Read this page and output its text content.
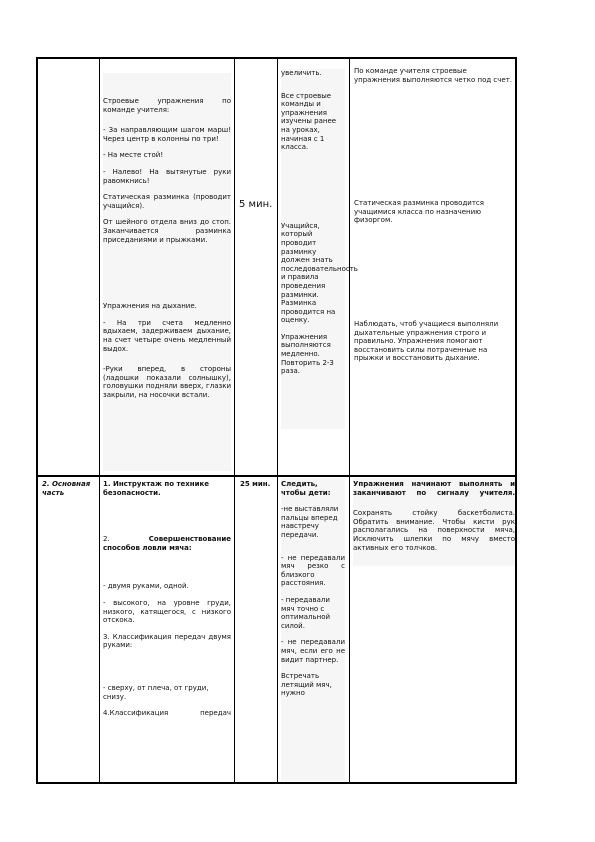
Строевые упражнения по команде учителя:

- За направляющим шагом марш! Через центр в колонны по три!

- На месте стой!

- Налево! На вытянутые руки равомкнись!

Статическая разминка (проводит учащийся).

От шейного отдела вниз до стоп. Заканчивается разминка приседаниями и прыжками.

Упражнения на дыхание.

- На три счета медленно вдыхаем, задерживаем дыхание, на счет четыре очень медленный выдох.

-Руки вперед, в стороны (ладошки показали солнышку), головушки подняли вверх, глазки закрыли, на носочки встали.

5 мин.

увеличить.

Все строевые команды и упражнения изучены ранее на уроках, начиная с 1 класса.

Учащийся, который проводит разминку должен знать последовательность и правила проведения разминки. Разминка проводится на оценку.

Упражнения выполняются медленно. Повторить 2-3 раза.

По команде учителя строевые упражнения выполняются четко под счет.

Статическая разминка проводится учащимися класса по назначению физоргом.

Наблюдать, чтоб учащиеся выполняли дыхательные упражнения строго и правильно. Упражнения помогают восстановить силы потраченные на прыжки и восстановить дыхание.

2. Основная часть

1. Инструктаж по технике безопасности.

2. Совершенствование способов ловли мяча:

- двумя руками, одной.

- высокого, на уровне груди, низкого, катящегося, с низкого отскока.

3. Классификация передач двумя руками:

- сверху, от плеча, от груди, снизу.

4.Классификация передач

25 мин.	Следить, чтобы дети:

-не выставляли пальцы вперед навстречу передачи.

- не передавали мяч резко с близкого расстояния.

- передавали мяч точно с оптимальной силой.

- не передавали мяч, если его не видит партнер.

Встречать летящий мяч, нужно

Упражнения начинают выполнять и заканчивают по сигналу учителя.

Сохранять стойку баскетболиста. Обратить внимание. Чтобы кисти рук располагались на поверхности мяча, Исключить шлепки по мячу вместо активных его толчков.
